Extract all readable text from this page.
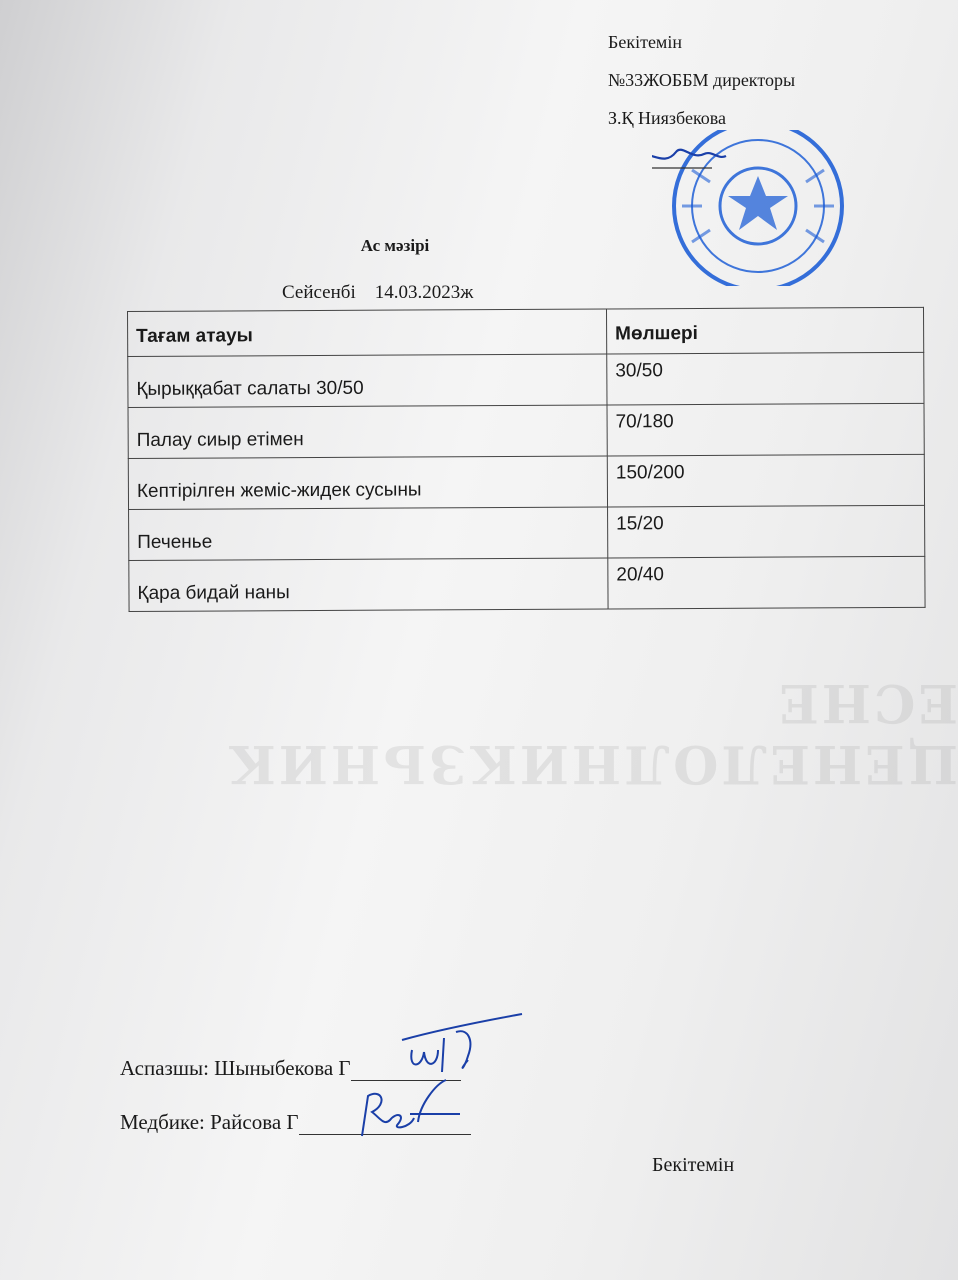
ЦЕНЕЛОЛНИКЗЬНИК ЕСНЕ
Бекітемін
№33ЖОББМ директоры
З.Қ Ниязбекова
Ас мәзірі
Сейсенбі 14.03.2023ж
Тағам атауы	Мөлшері
Қырыққабат салаты 30/50	30/50
Палау сиыр етімен	70/180
Кептірілген жеміс-жидек сусыны	150/200
Печенье	15/20
Қара бидай наны	20/40
Аспазшы: Шыныбекова Г
Медбике: Райсова Г
Бекітемін
